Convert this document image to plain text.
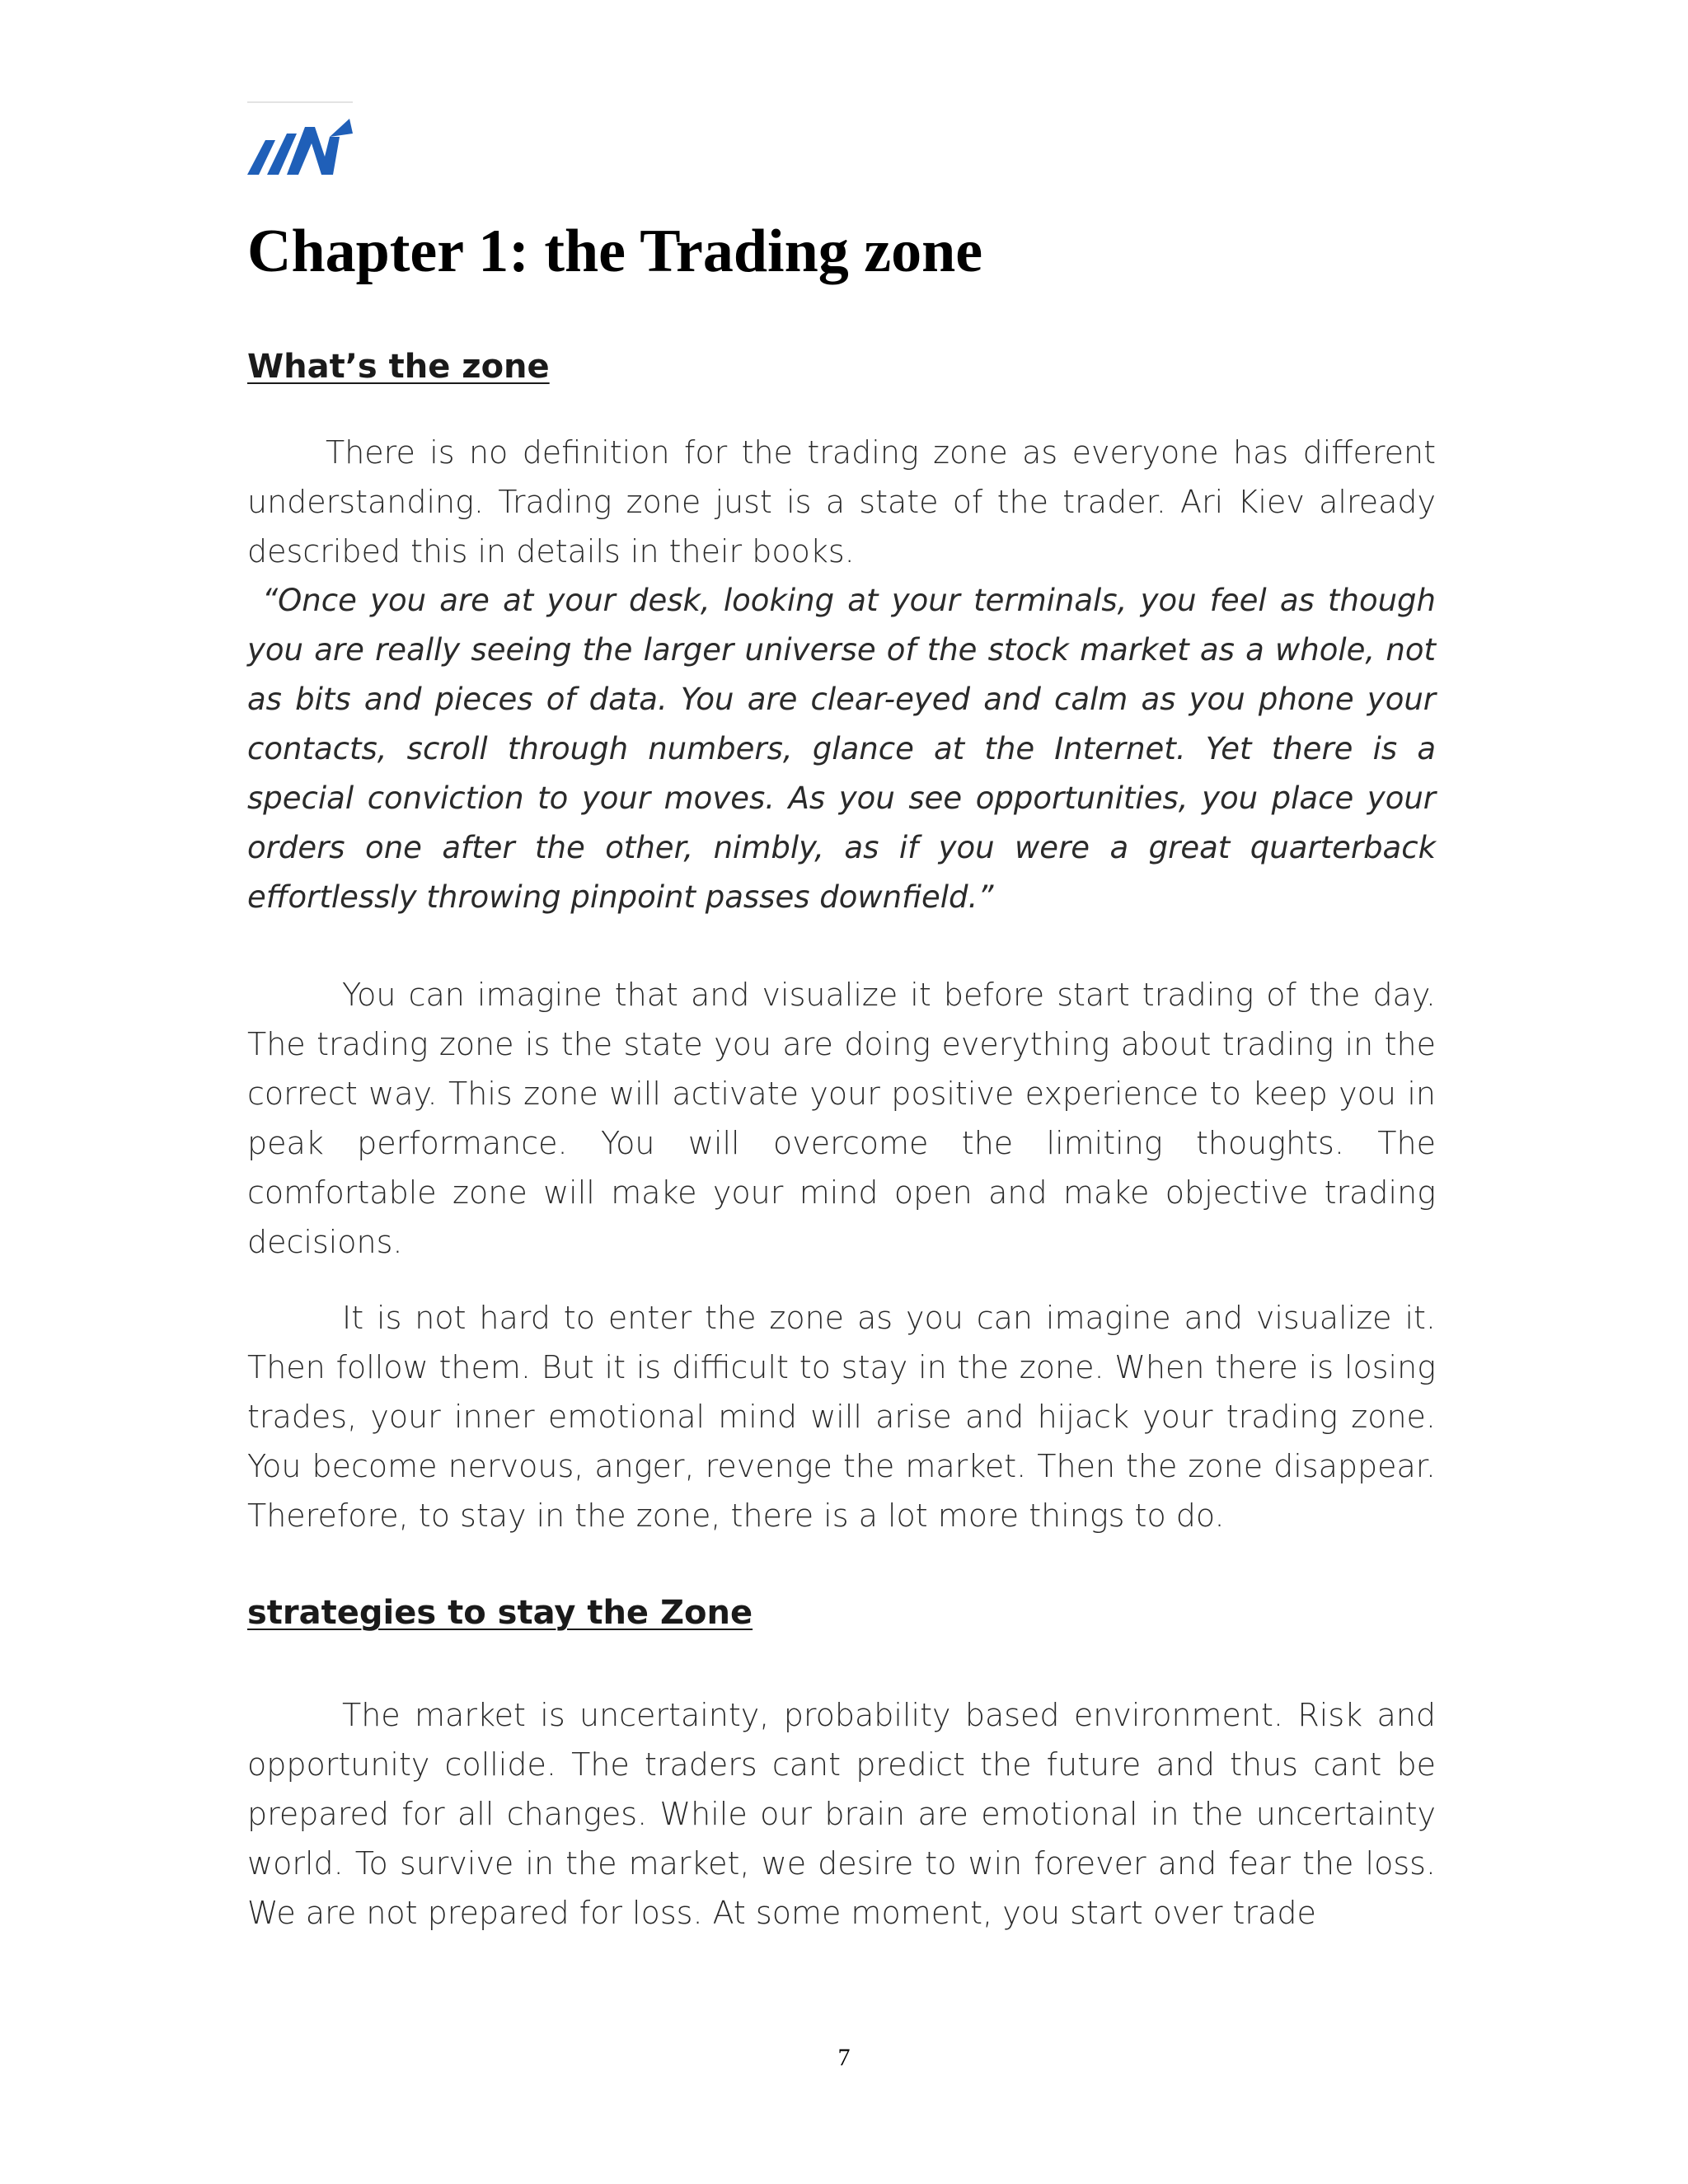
Chapter 1: the Trading zone
What’s the zone

There is no definition for the trading zone as everyone has different understanding. Trading zone just is a state of the trader. Ari Kiev already described this in details in their books.

“Once you are at your desk, looking at your terminals, you feel as though you are really seeing the larger universe of the stock market as a whole, not as bits and pieces of data. You are clear-eyed and calm as you phone your contacts, scroll through numbers, glance at the Internet. Yet there is a special conviction to your moves. As you see opportunities, you place your orders one after the other, nimbly, as if you were a great quarterback effortlessly throwing pinpoint passes downfield.”

You can imagine that and visualize it before start trading of the day. The trading zone is the state you are doing everything about trading in the correct way. This zone will activate your positive experience to keep you in peak performance. You will overcome the limiting thoughts. The comfortable zone will make your mind open and make objective trading decisions.

It is not hard to enter the zone as you can imagine and visualize it. Then follow them. But it is difficult to stay in the zone. When there is losing trades, your inner emotional mind will arise and hijack your trading zone. You become nervous, anger, revenge the market. Then the zone disappear. Therefore, to stay in the zone, there is a lot more things to do.

strategies to stay the Zone

The market is uncertainty, probability based environment. Risk and opportunity collide. The traders cant predict the future and thus cant be prepared for all changes. While our brain are emotional in the uncertainty world. To survive in the market, we desire to win forever and fear the loss. We are not prepared for loss. At some moment, you start over trade

7
